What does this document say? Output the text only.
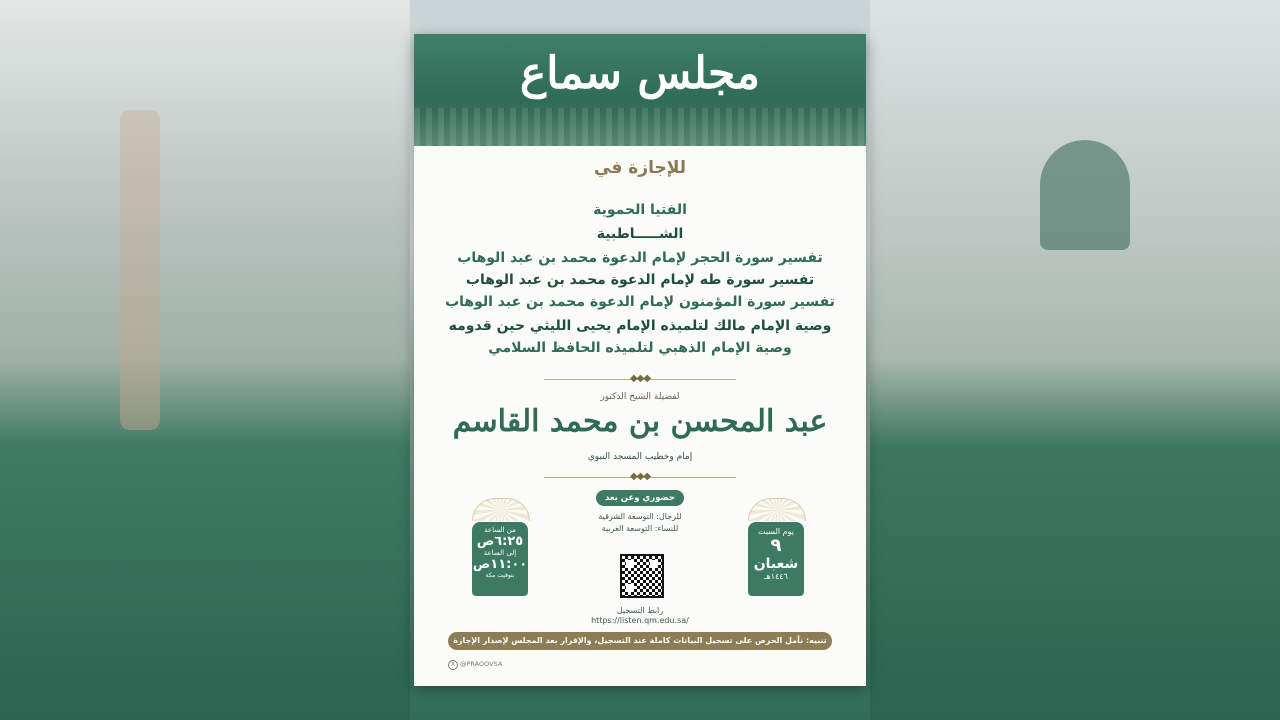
مجلس سماع
للإجازة في
الفتيا الحموية
الشـــــاطبية
تفسير سورة الحجر لإمام الدعوة محمد بن عبد الوهاب
تفسير سورة طه لإمام الدعوة محمد بن عبد الوهاب
تفسير سورة المؤمنون لإمام الدعوة محمد بن عبد الوهاب
وصية الإمام مالك لتلميذه الإمام يحيى الليثي حين قدومه
وصية الإمام الذهبي لتلميذه الحافظ السلامي
◆◆◆
لفضيلة الشيخ الدكتور
عبد المحسن بن محمد القاسم
إمام وخطيب المسجد النبوي
◆◆◆
حضوري وعن بعد
للرجال: التوسعة الشرقية
للنساء: التوسعة الغربية
من الساعة
٦:٢٥ص
إلى الساعة
١١:٠٠ص
بتوقيت مكة
يوم السبت
٩
شعبان
١٤٤٦هـ
رابط التسجيل
https://listen.qm.edu.sa/
تنبيه: نأمل الحرص على تسجيل البيانات كاملة عند التسجيل، والإقرار بعد المجلس لإصدار الإجازة
X @PRAOOVSA
